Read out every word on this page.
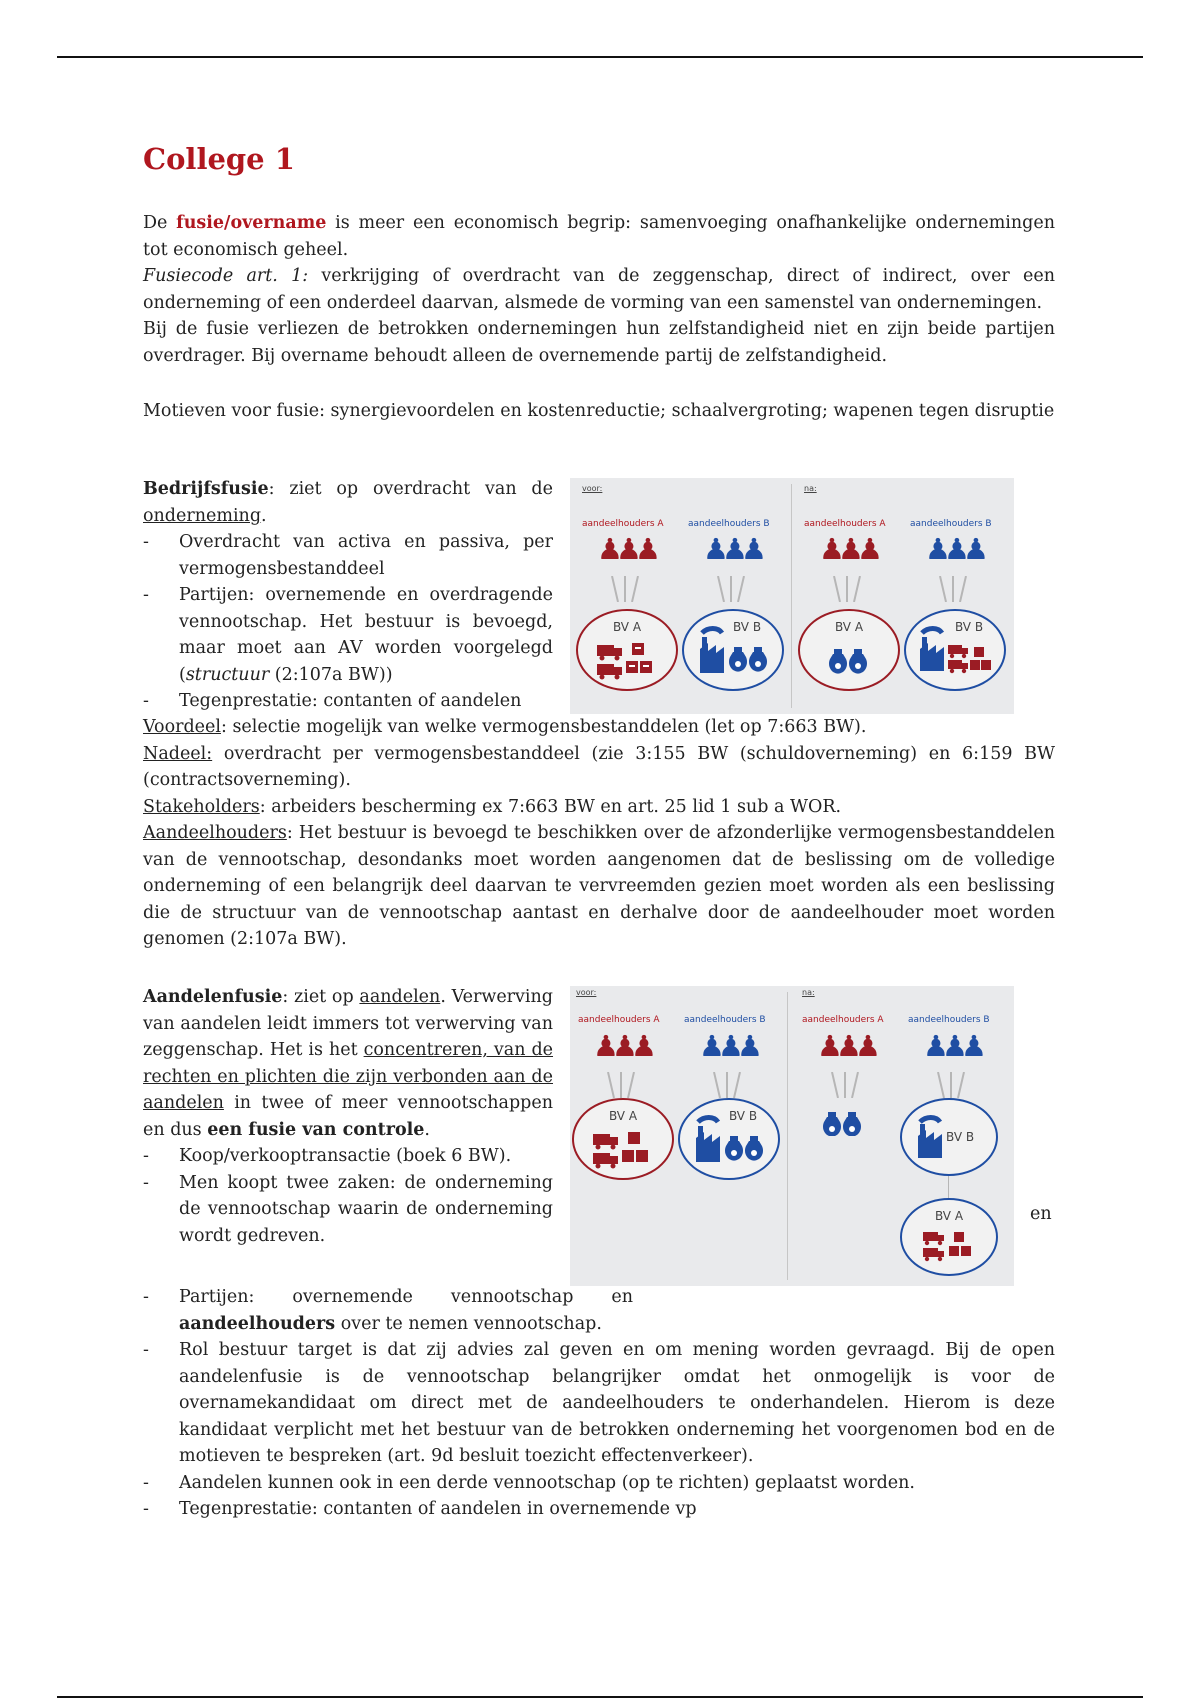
College 1

De fusie/overname is meer een economisch begrip: samenvoeging onafhankelijke ondernemingen tot economisch geheel.

Fusiecode art. 1: verkrijging of overdracht van de zeggenschap, direct of indirect, over een onderneming of een onderdeel daarvan, alsmede de vorming van een samenstel van ondernemingen.

Bij de fusie verliezen de betrokken ondernemingen hun zelfstandigheid niet en zijn beide partijen overdrager. Bij overname behoudt alleen de overnemende partij de zelfstandigheid.

Motieven voor fusie: synergievoordelen en kostenreductie; schaalvergroting; wapenen tegen disruptie

Bedrijfsfusie: ziet op overdracht van de onderneming.

- Overdracht van activa en passiva, per vermogensbestanddeel
- Partijen: overnemende en overdragende vennootschap. Het bestuur is bevoegd, maar moet aan AV worden voorgelegd (structuur (2:107a BW))
- Tegenprestatie: contanten of aandelen

Voordeel: selectie mogelijk van welke vermogensbestanddelen (let op 7:663 BW).

Nadeel: overdracht per vermogensbestanddeel (zie 3:155 BW (schuldoverneming) en 6:159 BW (contractsoverneming).

Stakeholders: arbeiders bescherming ex 7:663 BW en art. 25 lid 1 sub a WOR.

Aandeelhouders: Het bestuur is bevoegd te beschikken over de afzonderlijke vermogensbestanddelen van de vennootschap, desondanks moet worden aangenomen dat de beslissing om de volledige onderneming of een belangrijk deel daarvan te vervreemden gezien moet worden als een beslissing die de structuur van de vennootschap aantast en derhalve door de aandeelhouder moet worden genomen (2:107a BW).

voor:	na:
aandeelhouders A	aandeelhouders B	aandeelhouders A	aandeelhouders B
♟♟♟ ♟♟♟ ♟♟♟ ♟♟♟
BV A	BV B	BV A	BV B

Aandelenfusie: ziet op aandelen. Verwerving van aandelen leidt immers tot verwerving van zeggenschap. Het is het concentreren, van de rechten en plichten die zijn verbonden aan de aandelen in twee of meer vennootschappen en dus een fusie van controle.

- Koop/verkooptransactie (boek 6 BW).
- Men koopt twee zaken: de onderneming de vennootschap waarin de onderneming wordt gedreven.
en
- Partijen: overnemende vennootschap en aandeelhouders over te nemen vennootschap.
- Rol bestuur target is dat zij advies zal geven en om mening worden gevraagd. Bij de open aandelenfusie is de vennootschap belangrijker omdat het onmogelijk is voor de overnamekandidaat om direct met de aandeelhouders te onderhandelen. Hierom is deze kandidaat verplicht met het bestuur van de betrokken onderneming het voorgenomen bod en de motieven te bespreken (art. 9d besluit toezicht effectenverkeer).
- Aandelen kunnen ook in een derde vennootschap (op te richten) geplaatst worden.
- Tegenprestatie: contanten of aandelen in overnemende vp
voor:	na:
aandeelhouders A	aandeelhouders B	aandeelhouders A	aandeelhouders B
♟♟♟ ♟♟♟ ♟♟♟ ♟♟♟
BV A	BV B
BV B
BV A
